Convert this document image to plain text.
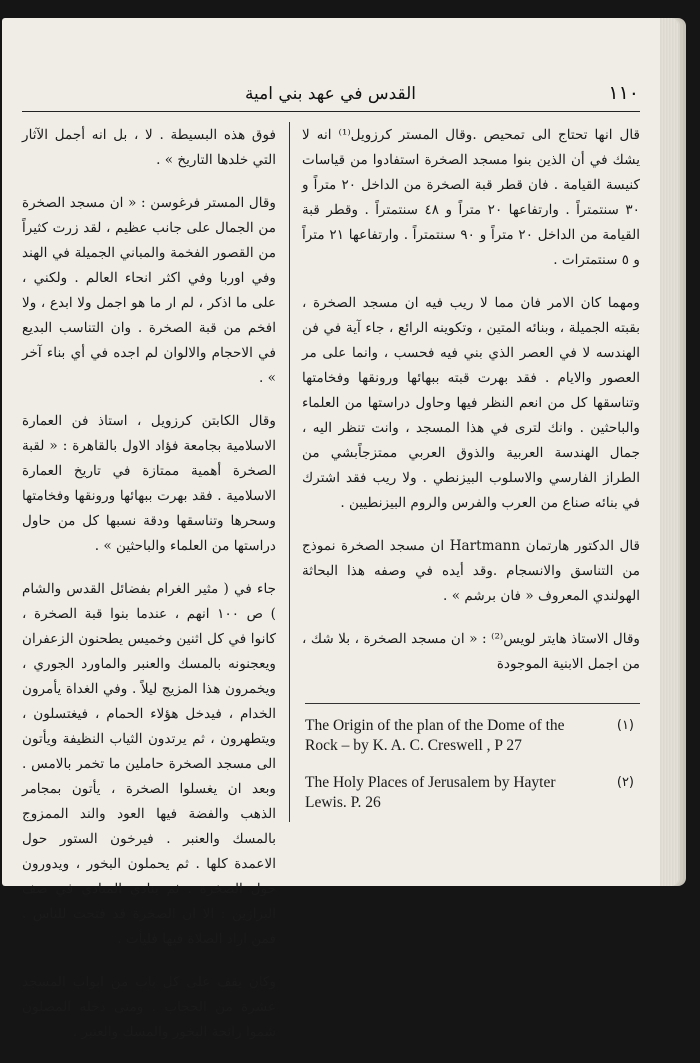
١١٠
القدس في عهد بني امية

قال انها تحتاج الى تمحيص .وقال المستر كرزويل⁽¹⁾ انه لا يشك في أن الذين بنوا مسجد الصخرة استفادوا من قياسات كنيسة القيامة . فان قطر قبة الصخرة من الداخل ٢٠ متراً و ٣٠ سنتمتراً . وارتفاعها ٢٠ متراً و ٤٨ سنتمتراً . وقطر قبة القيامة من الداخل ٢٠ متراً و ٩٠ سنتمتراً . وارتفاعها ٢١ متراً و ٥ سنتمترات .

ومهما كان الامر فان مما لا ريب فيه ان مسجد الصخرة ، بقبته الجميلة ، وبنائه المتين ، وتكوينه الرائع ، جاء آية في فن الهندسه لا في العصر الذي بني فيه فحسب ، وانما على مر العصور والايام . فقد بهرت قبته ببهائها ورونقها وفخامتها وتناسقها كل من انعم النظر فيها وحاول دراستها من العلماء والباحثين . وانك لترى في هذا المسجد ، وانت تنظر اليه ، جمال الهندسة العربية والذوق العربي ممتزجاًبشي من الطراز الفارسي والاسلوب البيزنطي . ولا ريب فقد اشترك في بنائه صناع من العرب والفرس والروم البيزنطيين .

قال الدكتور هارتمان Hartmann ان مسجد الصخرة نموذج من التناسق والانسجام .وقد أيده في وصفه هذا البحاثة الهولندي المعروف « فان برشم » .

وقال الاستاذ هايتر لويس⁽²⁾ : « ان مسجد الصخرة ، بلا شك ، من اجمل الابنية الموجودة

فوق هذه البسيطة . لا ، بل انه أجمل الآثار التي خلدها التاريخ » .

وقال المستر فرغوسن : « ان مسجد الصخرة من الجمال على جانب عظيم ، لقد زرت كثيراً من القصور الفخمة والمباني الجميلة في الهند وفي اوربا وفي اكثر انحاء العالم . ولكني ، على ما اذكر ، لم ار ما هو اجمل ولا ابدع ، ولا افخم من قبة الصخرة . وان التناسب البديع في الاحجام والالوان لم اجده في أي بناء آخر » .

وقال الكابتن كرزويل ، استاذ فن العمارة الاسلامية بجامعة فؤاد الاول بالقاهرة : « لقبة الصخرة أهمية ممتازة في تاريخ العمارة الاسلامية . فقد بهرت ببهائها ورونقها وفخامتها وسحرها وتناسقها ودقة نسبها كل من حاول دراستها من العلماء والباحثين » .

جاء في ( مثير الغرام بفضائل القدس والشام ) ص ١٠٠ انهم ، عندما بنوا قبة الصخرة ، كانوا في كل اثنين وخميس يطحنون الزعفران ويعجنونه بالمسك والعنبر والماورد الجوري ، ويخمرون هذا المزيج ليلاً . وفي الغداة يأمرون الخدام ، فيدخل هؤلاء الحمام ، فيغتسلون ، ويتطهرون ، ثم يرتدون الثياب النظيفة ويأتون الى مسجد الصخرة حاملين ما تخمر بالامس . وبعد ان يغسلوا الصخرة ، يأتون بمجامر الذهب والفضة فيها العود والند الممزوج بالمسك والعنبر . فيرخون الستور حول الاعمدة كلها . ثم يحملون البخور ، ويدورون حول الصخرة . ثم ينادي المنادي في صف البزازين : الا ان الصخرة قد فتحت للناس . فمن اراد الصلاة فيها فليأت .

وكان يقف على كل باب من ابواب المسجد عشرة من الحجاب . ومتى دخله المصلون شموا رائحة البخور والمسك والعنبر .

The Origin of the plan of the Dome of the Rock – by K. A. C. Creswell , P 27
(١)
The Holy Places of Jerusalem by Hayter Lewis. P. 26
(٢)
